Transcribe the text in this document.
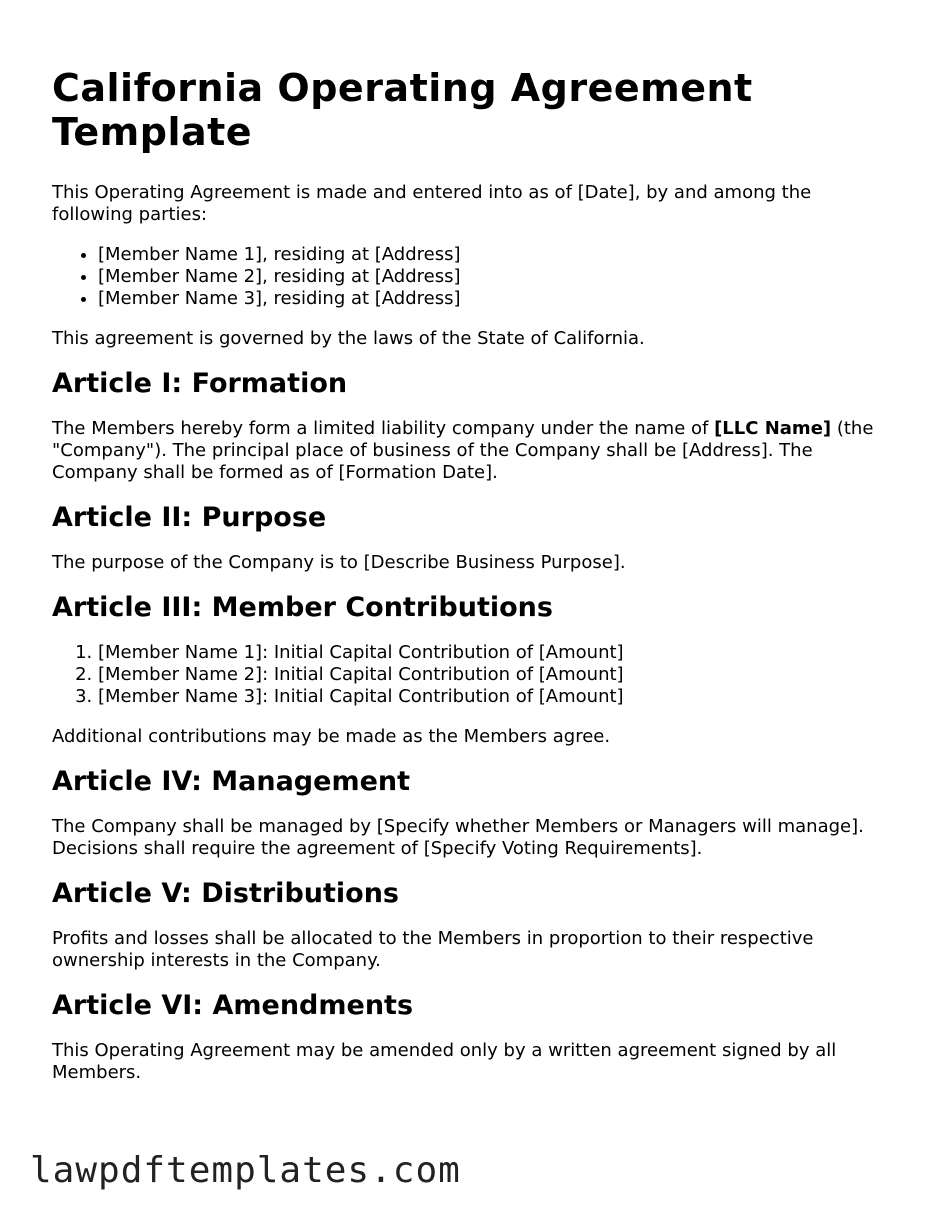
California Operating Agreement Template

This Operating Agreement is made and entered into as of [Date], by and among the following parties:

• [Member Name 1], residing at [Address]
• [Member Name 2], residing at [Address]
• [Member Name 3], residing at [Address]

This agreement is governed by the laws of the State of California.

Article I: Formation

The Members hereby form a limited liability company under the name of [LLC Name] (the "Company"). The principal place of business of the Company shall be [Address]. The Company shall be formed as of [Formation Date].

Article II: Purpose

The purpose of the Company is to [Describe Business Purpose].

Article III: Member Contributions
1. [Member Name 1]: Initial Capital Contribution of [Amount]
2. [Member Name 2]: Initial Capital Contribution of [Amount]
3. [Member Name 3]: Initial Capital Contribution of [Amount]

Additional contributions may be made as the Members agree.

Article IV: Management

The Company shall be managed by [Specify whether Members or Managers will manage]. Decisions shall require the agreement of [Specify Voting Requirements].

Article V: Distributions

Profits and losses shall be allocated to the Members in proportion to their respective ownership interests in the Company.

Article VI: Amendments

This Operating Agreement may be amended only by a written agreement signed by all Members.

lawpdftemplates.com
